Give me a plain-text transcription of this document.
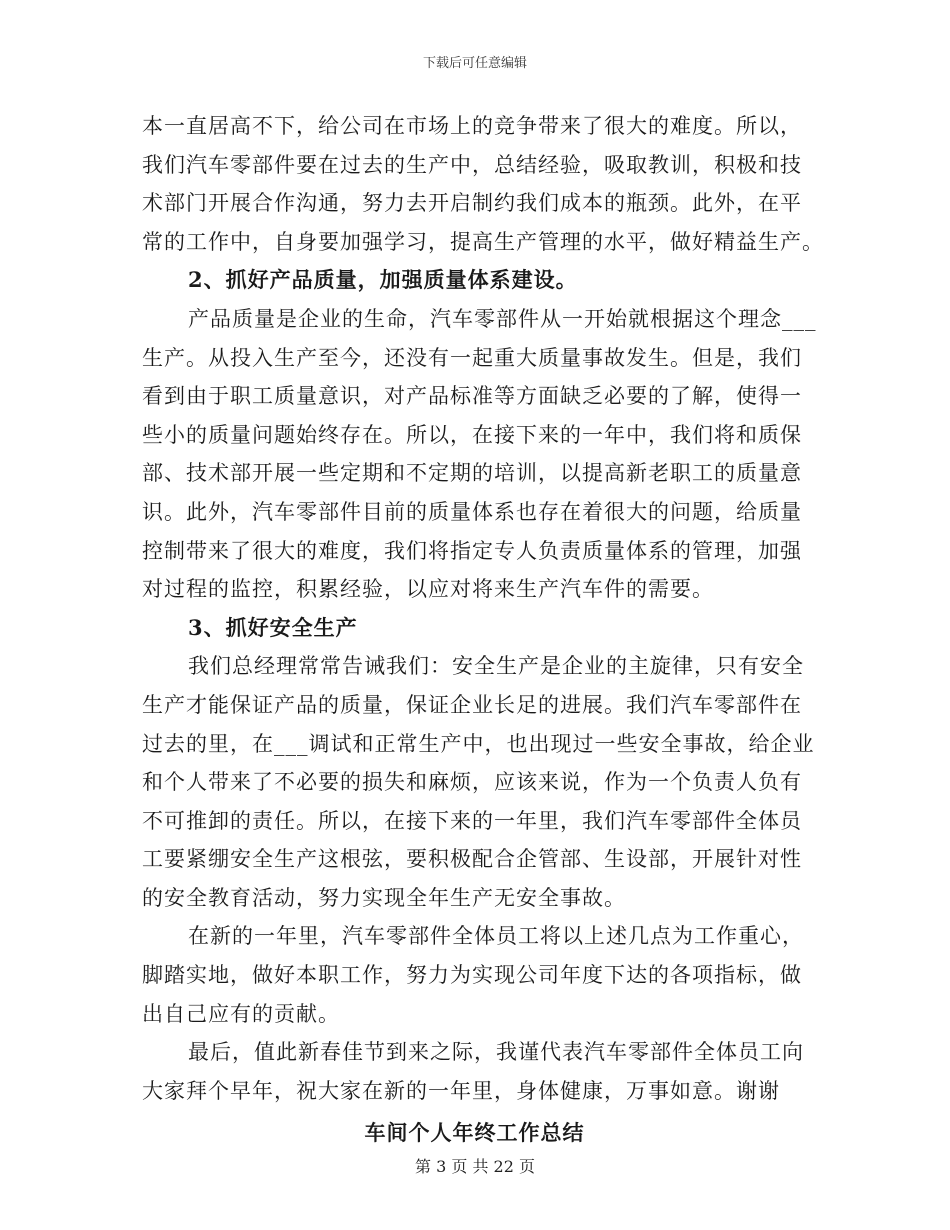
下载后可任意编辑
本一直居高不下，给公司在市场上的竞争带来了很大的难度。所以，
我们汽车零部件要在过去的生产中，总结经验，吸取教训，积极和技
术部门开展合作沟通，努力去开启制约我们成本的瓶颈。此外，在平
常的工作中，自身要加强学习，提高生产管理的水平，做好精益生产。
2、抓好产品质量，加强质量体系建设。
产品质量是企业的生命，汽车零部件从一开始就根据这个理念___
生产。从投入生产至今，还没有一起重大质量事故发生。但是，我们
看到由于职工质量意识，对产品标准等方面缺乏必要的了解，使得一
些小的质量问题始终存在。所以，在接下来的一年中，我们将和质保
部、技术部开展一些定期和不定期的培训，以提高新老职工的质量意
识。此外，汽车零部件目前的质量体系也存在着很大的问题，给质量
控制带来了很大的难度，我们将指定专人负责质量体系的管理，加强
对过程的监控，积累经验，以应对将来生产汽车件的需要。
3、抓好安全生产
我们总经理常常告诫我们：安全生产是企业的主旋律，只有安全
生产才能保证产品的质量，保证企业长足的进展。我们汽车零部件在
过去的里，在___调试和正常生产中，也出现过一些安全事故，给企业
和个人带来了不必要的损失和麻烦，应该来说，作为一个负责人负有
不可推卸的责任。所以，在接下来的一年里，我们汽车零部件全体员
工要紧绷安全生产这根弦，要积极配合企管部、生设部，开展针对性
的安全教育活动，努力实现全年生产无安全事故。
在新的一年里，汽车零部件全体员工将以上述几点为工作重心，
脚踏实地，做好本职工作，努力为实现公司年度下达的各项指标，做
出自己应有的贡献。
最后，值此新春佳节到来之际，我谨代表汽车零部件全体员工向
大家拜个早年，祝大家在新的一年里，身体健康，万事如意。谢谢
车间个人年终工作总结
第 3 页 共 22 页
